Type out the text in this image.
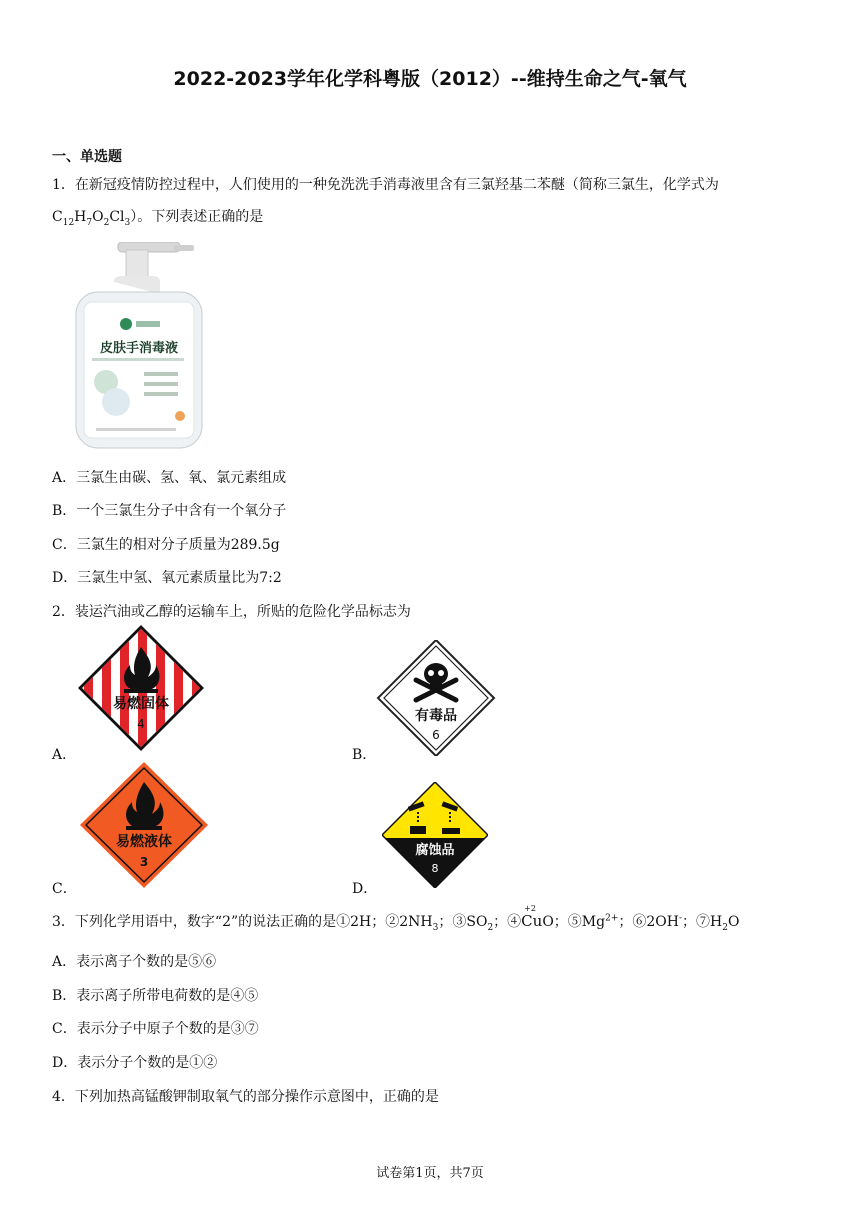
2022-2023学年化学科粤版（2012）--维持生命之气-氧气
一、单选题
1．在新冠疫情防控过程中，人们使用的一种免洗洗手消毒液里含有三氯羟基二苯醚（简称三氯生，化学式为
$C_{12}H_7O_2Cl_3$）。下列表述正确的是
皮肤手消毒液
A．三氯生由碳、氢、氧、氯元素组成
B．一个三氯生分子中含有一个氧分子
C．三氯生的相对分子质量为289.5g
D．三氯生中氢、氧元素质量比为7:2
2．装运汽油或乙醇的运输车上，所贴的危险化学品标志为
易燃固体
4
A．
有毒品
6
B．
易燃液体
3
C．
腐蚀品
8
D．
3．下列化学用语中，数字“2”的说法正确的是①2H；$②2NH_3$；$③SO_2$；④
+2
CuO；$⑤Mg^{2+}$；⑥2OH-；$⑦H_2O$
A．表示离子个数的是⑤⑥
B．表示离子所带电荷数的是④⑤
C．表示分子中原子个数的是③⑦
D．表示分子个数的是①②
4．下列加热高锰酸钾制取氧气的部分操作示意图中，正确的是
试卷第1页，共7页
